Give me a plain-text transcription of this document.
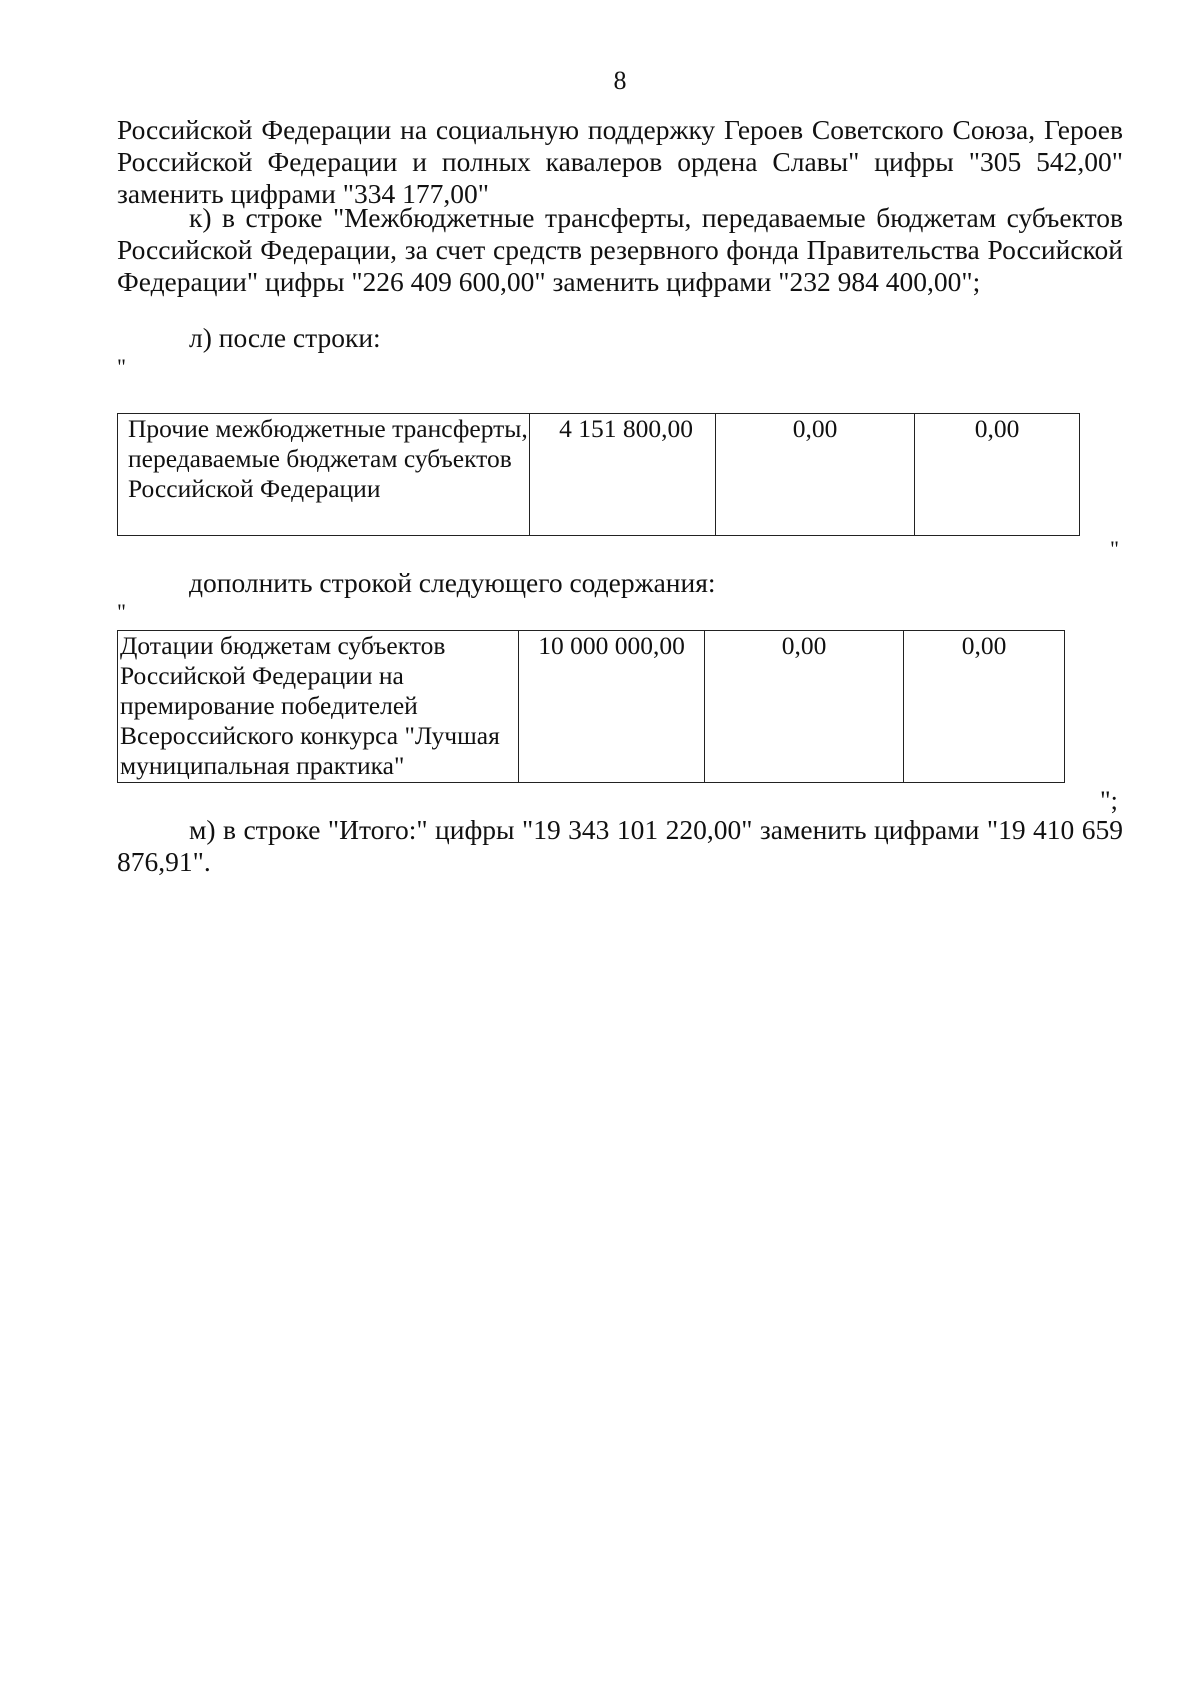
8

Российской Федерации на социальную поддержку Героев Советского Союза, Героев Российской Федерации и полных кавалеров ордена Славы" цифры "305 542,00" заменить цифрами "334 177,00"

к) в строке "Межбюджетные трансферты, передаваемые бюджетам субъектов Российской Федерации, за счет средств резервного фонда Правительства Российской Федерации" цифры "226 409 600,00" заменить цифрами "232 984 400,00";

л) после строки:

"
Прочие межбюджетные трансферты, передаваемые бюджетам субъектов Российской Федерации	4 151 800,00	0,00	0,00
"

дополнить строкой следующего содержания:

"
Дотации бюджетам субъектов Российской Федерации на премирование победителей Всероссийского конкурса "Лучшая муниципальная практика"	10 000 000,00	0,00	0,00
";

м) в строке "Итого:" цифры "19 343 101 220,00" заменить цифрами "19 410 659 876,91".
